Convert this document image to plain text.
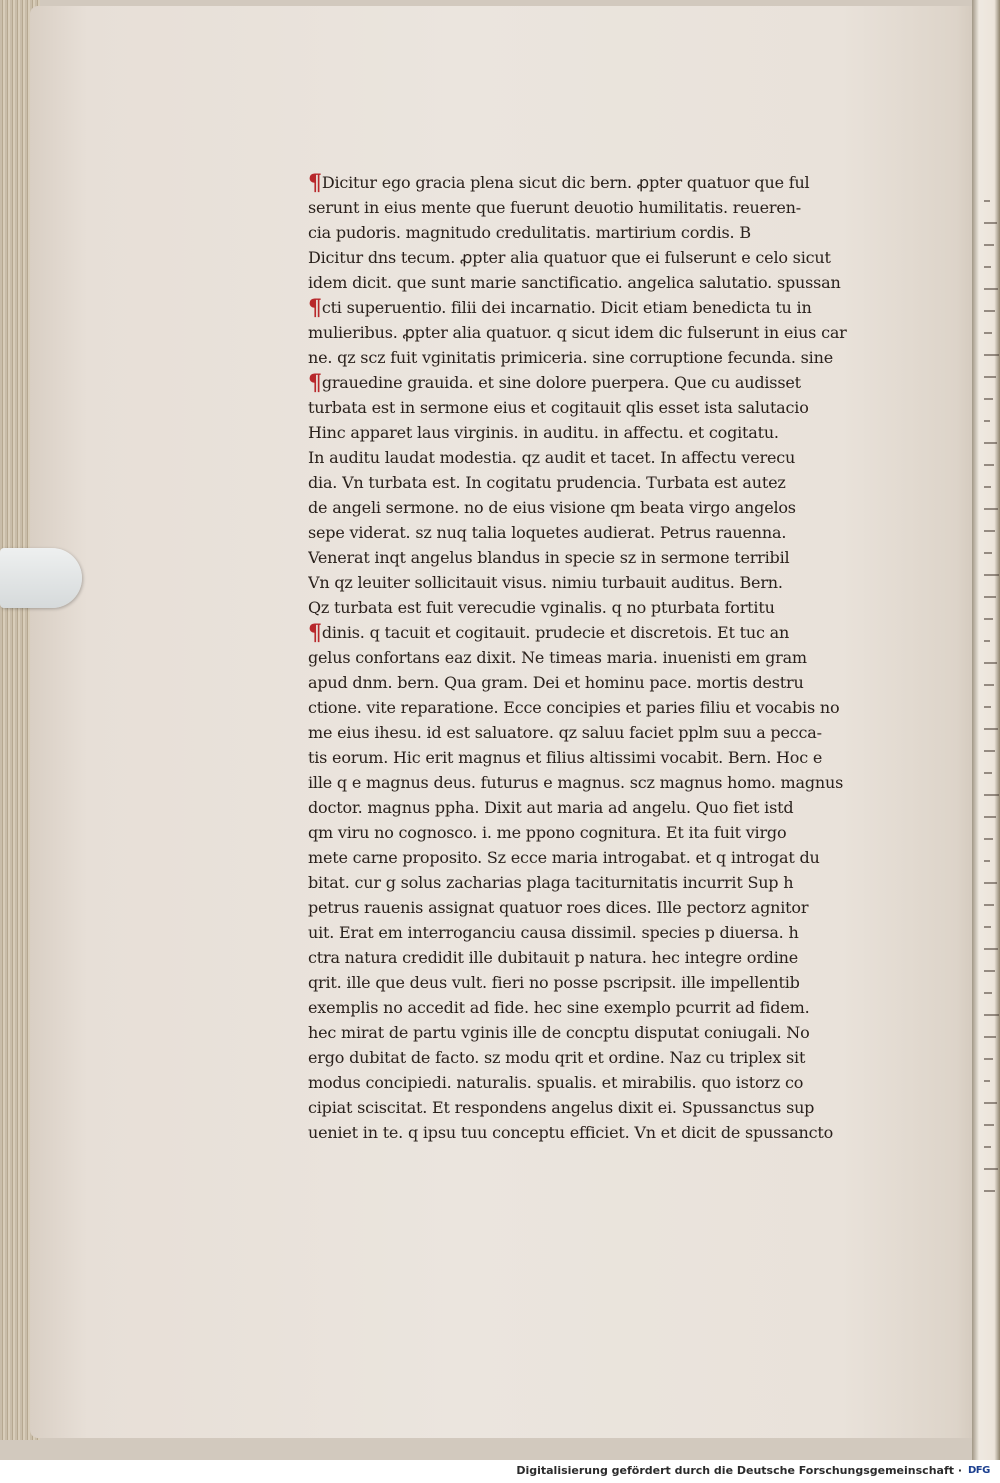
¶Dicitur ego gracia plena sicut dic bern. ꝓpter quatuor que ful
serunt in eius mente que fuerunt deuotio humilitatis. reueren-
cia pudoris. magnitudo credulitatis. martirium cordis. B
Dicitur dns tecum. ꝓpter alia quatuor que ei fulserunt e celo sicut
idem dicit. que sunt marie sanctificatio. angelica salutatio. spussan
¶cti superuentio. filii dei incarnatio. Dicit etiam benedicta tu in
mulieribus. ꝓpter alia quatuor. q sicut idem dic fulserunt in eius car
ne. qz scz fuit vginitatis primiceria. sine corruptione fecunda. sine
¶grauedine grauida. et sine dolore puerpera. Que cu audisset
turbata est in sermone eius et cogitauit qlis esset ista salutacio
Hinc apparet laus virginis. in auditu. in affectu. et cogitatu.
In auditu laudat modestia. qz audit et tacet. In affectu verecu
dia. Vn turbata est. In cogitatu prudencia. Turbata est autez
de angeli sermone. no de eius visione qm beata virgo angelos
sepe viderat. sz nuq talia loquetes audierat. Petrus rauenna.
Venerat inqt angelus blandus in specie sz in sermone terribil
Vn qz leuiter sollicitauit visus. nimiu turbauit auditus. Bern.
Qz turbata est fuit verecudie vginalis. q no pturbata fortitu
¶dinis. q tacuit et cogitauit. prudecie et discretois. Et tuc an
gelus confortans eaz dixit. Ne timeas maria. inuenisti em gram
apud dnm. bern. Qua gram. Dei et hominu pace. mortis destru
ctione. vite reparatione. Ecce concipies et paries filiu et vocabis no
me eius ihesu. id est saluatore. qz saluu faciet pplm suu a pecca-
tis eorum. Hic erit magnus et filius altissimi vocabit. Bern. Hoc e
ille q e magnus deus. futurus e magnus. scz magnus homo. magnus
doctor. magnus ppha. Dixit aut maria ad angelu. Quo fiet istd
qm viru no cognosco. i. me ppono cognitura. Et ita fuit virgo
mete carne proposito. Sz ecce maria introgabat. et q introgat du
bitat. cur g solus zacharias plaga taciturnitatis incurrit Sup h
petrus rauenis assignat quatuor roes dices. Ille pectorz agnitor
uit. Erat em interroganciu causa dissimil. species p diuersa. h
ctra natura credidit ille dubitauit p natura. hec integre ordine
qrit. ille que deus vult. fieri no posse pscripsit. ille impellentib
exemplis no accedit ad fide. hec sine exemplo pcurrit ad fidem.
hec mirat de partu vginis ille de concptu disputat coniugali. No
ergo dubitat de facto. sz modu qrit et ordine. Naz cu triplex sit
modus concipiedi. naturalis. spualis. et mirabilis. quo istorz co
cipiat sciscitat. Et respondens angelus dixit ei. Spussanctus sup
ueniet in te. q ipsu tuu conceptu efficiet. Vn et dicit de spussancto
Digitalisierung gefördert durch die Deutsche Forschungsgemeinschaft · DFG
